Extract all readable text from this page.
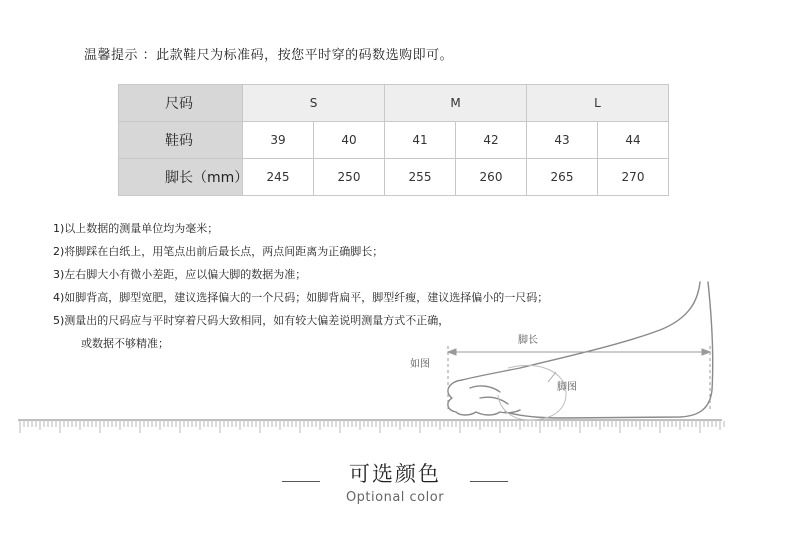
温馨提示 ：此款鞋尺为标准码，按您平时穿的码数选购即可。
尺码	S		M		L	
鞋码	39	40	41	42	43	44
脚长（mm）	245	250	255	260	265	270
1)以上数据的测量单位均为毫米；
2)将脚踩在白纸上，用笔点出前后最长点，两点间距离为正确脚长；
3)左右脚大小有微小差距，应以偏大脚的数据为准；
4)如脚背高，脚型宽肥，建议选择偏大的一个尺码；如脚背扁平，脚型纤瘦，建议选择偏小的一尺码；
5)测量出的尺码应与平时穿着尺码大致相同，如有较大偏差说明测量方式不正确，
或数据不够精准；
如图
脚长
脚图
可选颜色
Optional color
